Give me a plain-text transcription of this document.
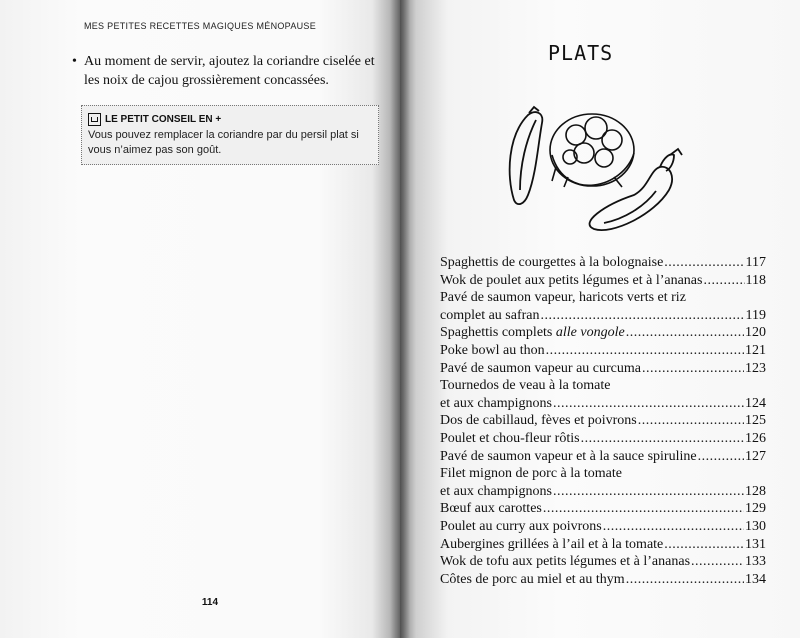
MES PETITES RECETTES MAGIQUES MÉNOPAUSE
• Au moment de servir, ajoutez la coriandre ciselée et les noix de cajou grossièrement concassées.
LE PETIT CONSEIL EN +
Vous pouvez remplacer la coriandre par du persil plat si vous n’aimez pas son goût.
114
PLATS
Spaghettis de courgettes à la bolognaise .....	117
Wok de poulet aux petits légumes et à l’ananas .....	118
Pavé de saumon vapeur, haricots verts et riz
complet au safran .....	119
Spaghettis complets alle vongole .....	120
Poke bowl au thon .....	121
Pavé de saumon vapeur au curcuma .....	123
Tournedos de veau à la tomate
et aux champignons .....	124
Dos de cabillaud, fèves et poivrons .....	125
Poulet et chou-fleur rôtis .....	126
Pavé de saumon vapeur et à la sauce spiruline .....	127
Filet mignon de porc à la tomate
et aux champignons .....	128
Bœuf aux carottes .....	129
Poulet au curry aux poivrons .....	130
Aubergines grillées à l’ail et à la tomate .....	131
Wok de tofu aux petits légumes et à l’ananas .....	133
Côtes de porc au miel et au thym .....	134
